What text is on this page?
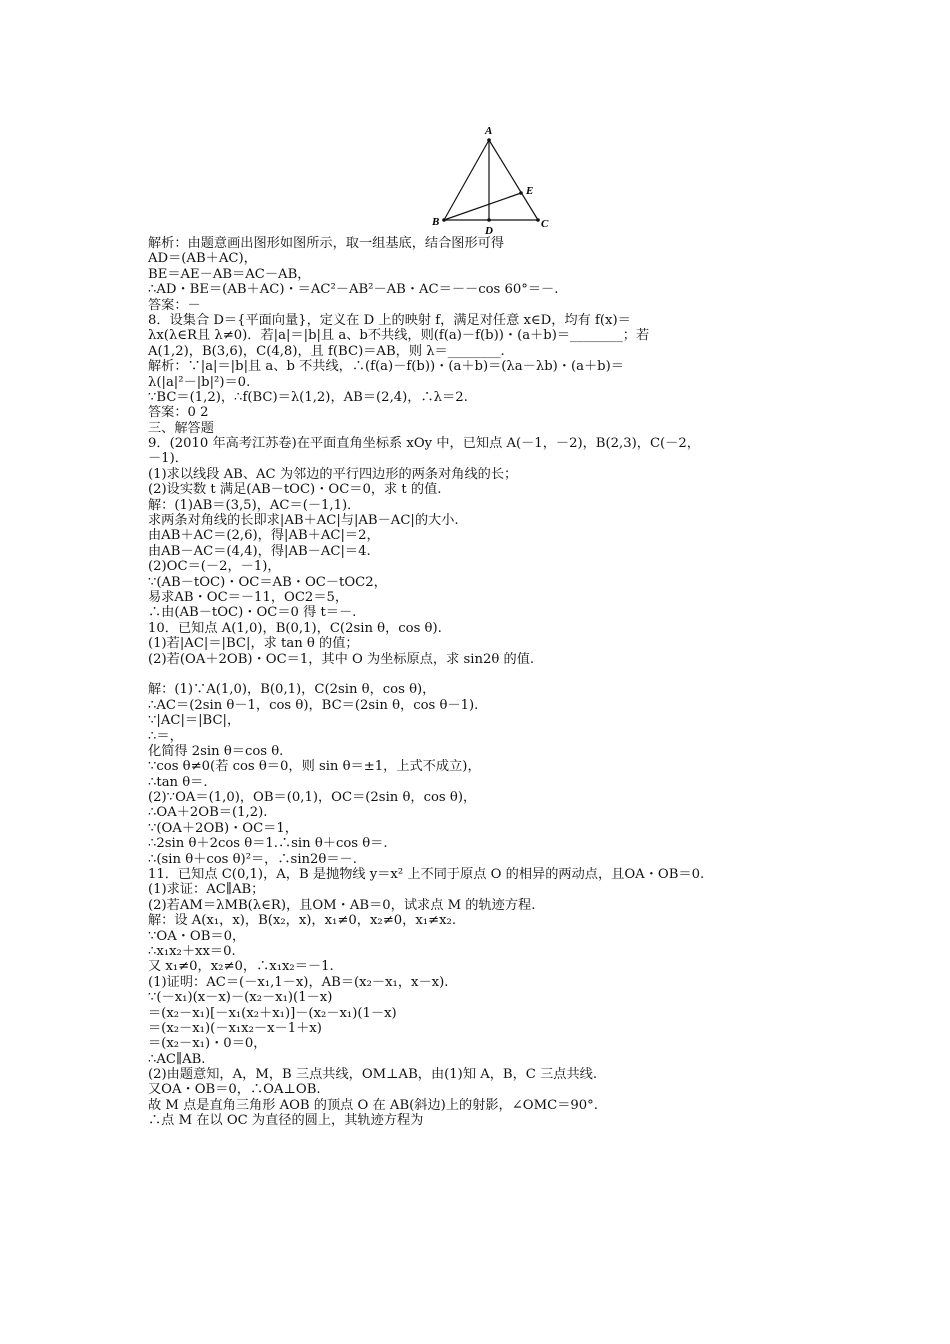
A
B	C
D
E
解析：由题意画出图形如图所示，取一组基底，结合图形可得
AD＝(AB＋AC)，
BE＝AE－AB＝AC－AB，
∴AD・BE＝(AB＋AC)・＝AC²－AB²－AB・AC＝－－cos 60°＝－.
答案：－
8．设集合 D＝{平面向量}，定义在 D 上的映射 f，满足对任意 x∈D，均有 f(x)＝
λx(λ∈R且 λ≠0)．若|a|＝|b|且 a、b不共线，则(f(a)－f(b))・(a＋b)＝________；若
A(1,2)，B(3,6)，C(4,8)，且 f(BC)＝AB，则 λ＝________.
解析：∵|a|＝|b|且 a、b 不共线，∴(f(a)－f(b))・(a＋b)＝(λa－λb)・(a＋b)＝
λ(|a|²－|b|²)＝0.
∵BC＝(1,2)，∴f(BC)＝λ(1,2)，AB＝(2,4)，∴λ＝2.
答案：0 2
三、解答题
9．(2010 年高考江苏卷)在平面直角坐标系 xOy 中，已知点 A(－1，－2)，B(2,3)，C(－2，
－1)．
(1)求以线段 AB、AC 为邻边的平行四边形的两条对角线的长；
(2)设实数 t 满足(AB－tOC)・OC＝0，求 t 的值.
解：(1)AB＝(3,5)，AC＝(－1,1)．
求两条对角线的长即求|AB＋AC|与|AB－AC|的大小.
由AB＋AC＝(2,6)，得|AB＋AC|＝2，
由AB－AC＝(4,4)，得|AB－AC|＝4.
(2)OC＝(－2，－1)，
∵(AB－tOC)・OC＝AB・OC－tOC2，
易求AB・OC＝－11，OC2＝5，
∴由(AB－tOC)・OC＝0 得 t＝－.
10．已知点 A(1,0)，B(0,1)，C(2sin θ，cos θ).
(1)若|AC|＝|BC|，求 tan θ 的值；
(2)若(OA＋2OB)・OC＝1，其中 O 为坐标原点，求 sin2θ 的值.
解：(1)∵A(1,0)，B(0,1)，C(2sin θ，cos θ)，
∴AC＝(2sin θ－1，cos θ)，BC＝(2sin θ，cos θ－1).
∵|AC|＝|BC|，
∴＝，
化简得 2sin θ＝cos θ.
∵cos θ≠0(若 cos θ＝0，则 sin θ＝±1，上式不成立)，
∴tan θ＝.
(2)∵OA＝(1,0)，OB＝(0,1)，OC＝(2sin θ，cos θ)，
∴OA＋2OB＝(1,2).
∵(OA＋2OB)・OC＝1，
∴2sin θ＋2cos θ＝1.∴sin θ＋cos θ＝.
∴(sin θ＋cos θ)²＝，∴sin2θ＝－.
11．已知点 C(0,1)，A，B 是抛物线 y＝x² 上不同于原点 O 的相异的两动点，且OA・OB＝0.
(1)求证：AC∥AB；
(2)若AM＝λMB(λ∈R)，且OM・AB＝0，试求点 M 的轨迹方程.
解：设 A(x₁，x)，B(x₂，x)，x₁≠0，x₂≠0，x₁≠x₂.
∵OA・OB＝0，
∴x₁x₂＋xx＝0.
又 x₁≠0，x₂≠0，∴x₁x₂＝－1.
(1)证明：AC＝(－x₁,1－x)，AB＝(x₂－x₁，x－x).
∵(－x₁)(x－x)－(x₂－x₁)(1－x)
＝(x₂－x₁)[－x₁(x₂＋x₁)]－(x₂－x₁)(1－x)
＝(x₂－x₁)(－x₁x₂－x－1＋x)
＝(x₂－x₁)・0＝0，
∴AC∥AB.
(2)由题意知，A，M，B 三点共线，OM⊥AB，由(1)知 A，B，C 三点共线.
又OA・OB＝0，∴OA⊥OB.
故 M 点是直角三角形 AOB 的顶点 O 在 AB(斜边)上的射影，∠OMC＝90°.
∴点 M 在以 OC 为直径的圆上，其轨迹方程为
